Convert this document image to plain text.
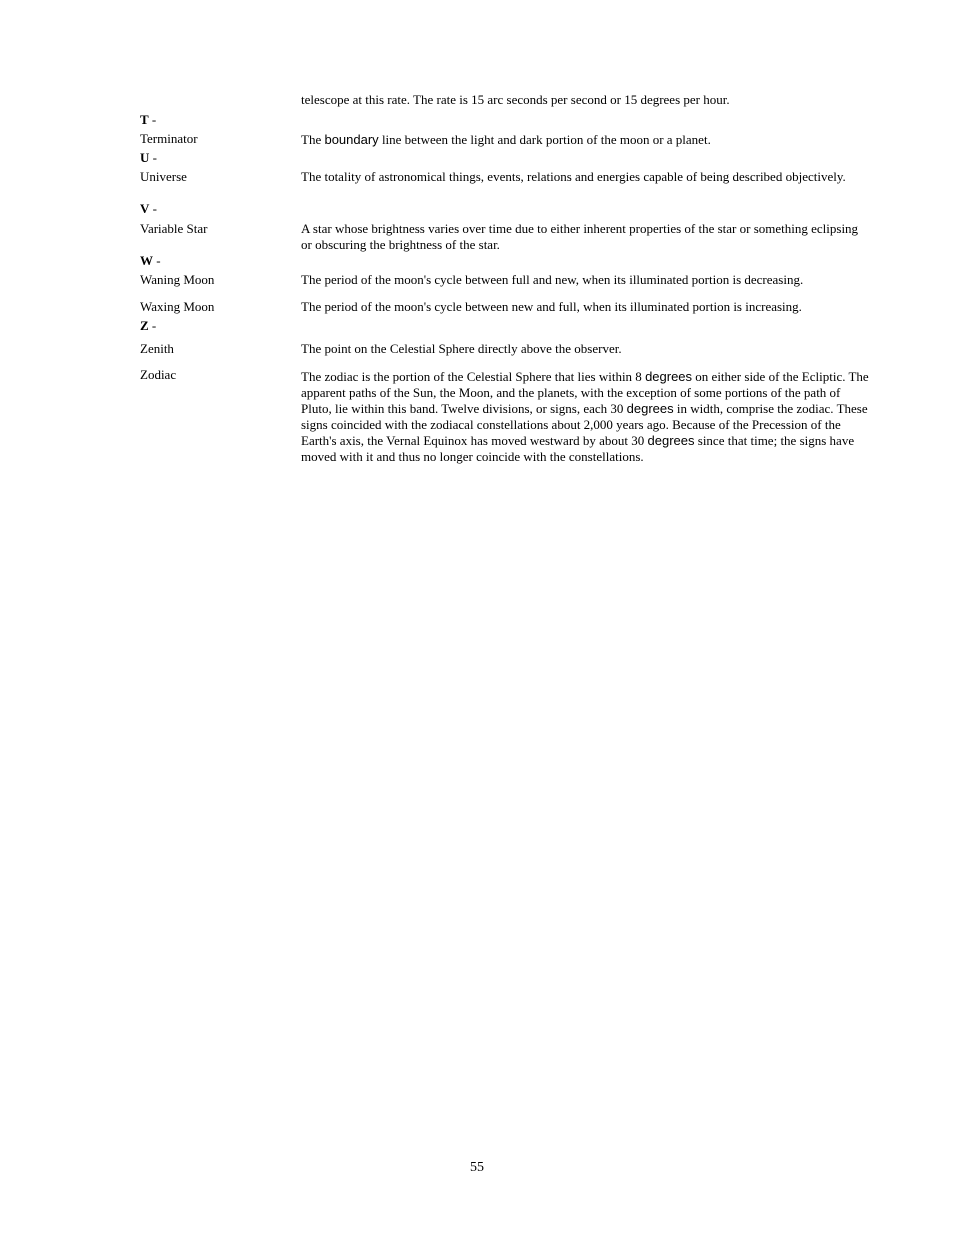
telescope at this rate. The rate is 15 arc seconds per second or 15 degrees per hour.
T -
Terminator	The boundary line between the light and dark portion of the moon or a planet.
U -
Universe	The totality of astronomical things, events, relations and energies capable of being described objectively.
V -
Variable Star	A star whose brightness varies over time due to either inherent properties of the star or something eclipsing or obscuring the brightness of the star.
W -
Waning Moon	The period of the moon's cycle between full and new, when its illuminated portion is decreasing.
Waxing Moon	The period of the moon's cycle between new and full, when its illuminated portion is increasing.
Z -
Zenith	The point on the Celestial Sphere directly above the observer.
Zodiac	The zodiac is the portion of the Celestial Sphere that lies within 8 degrees on either side of the Ecliptic. The apparent paths of the Sun, the Moon, and the planets, with the exception of some portions of the path of Pluto, lie within this band. Twelve divisions, or signs, each 30 degrees in width, comprise the zodiac. These signs coincided with the zodiacal constellations about 2,000 years ago. Because of the Precession of the Earth's axis, the Vernal Equinox has moved westward by about 30 degrees since that time; the signs have moved with it and thus no longer coincide with the constellations.
55
